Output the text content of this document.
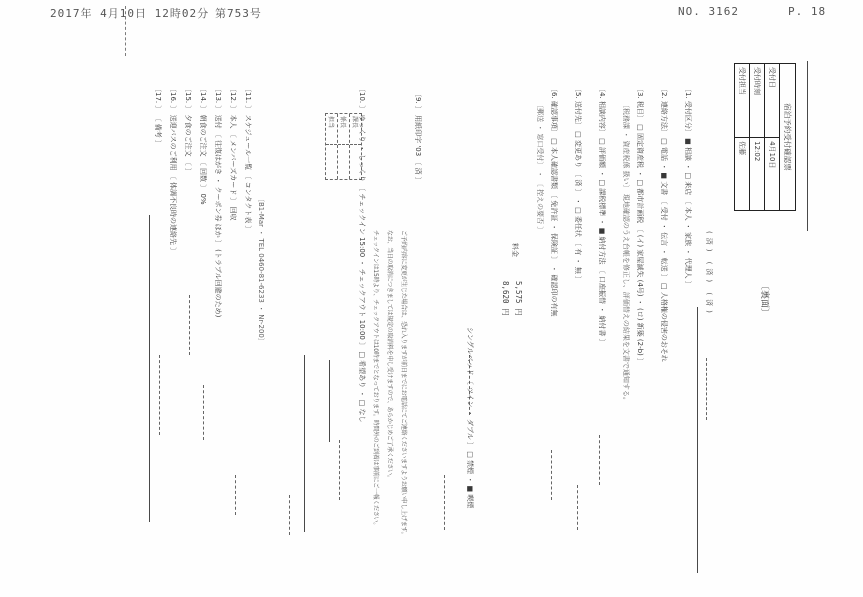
2017年 4月10日 12時02分 第753号	NO. 3162	P. 18
宿泊予約受付確認票	
受付日	4月10日
受付時刻	12:02
受付担当	佐藤
(済) (済) (済)	〔裏面〕
〔1. 受付区分〕 ■ 相談 ・ □ 来店 〔 本人 ・ 家族 ・ 代理人 〕
〔2. 連絡方法〕 □ 電話 ・ ■ 文書 〔 受付 ・ 伝言 ・ 転送 〕 □ 人格権の侵害のおそれ
〔3. 税目〕 □ 固定資産税 ・ □ 都市計画税 〔 (イ) 家屋滅失 (4号) ・ (ロ) 新築 (2-b) 〕
〔税務課 ・ 資産税係 扱い〕 現地確認のうえ台帳を修正し、評価替えの結果を文書で通知する。
〔4. 相談内容〕 □ 評価額 ・ □ 課税標準 ・ ■ 納付方法 〔 口座振替 ・ 納付書 〕
〔5. 送付先〕 □ 変更あり 〔 済 〕 ・ □ 委任状 〔 有 ・ 無 〕
〔6. 確認事項〕 □ 本人確認書類 〔 免許証 ・ 保険証 〕 ・ 確認印の有無
〔郵送 ・ 窓口受付〕 ・ 〔 控えの要否 〕
料金
5,575 円
8,620 円
シングルベッド 〔 ツイン ・ ダブル 〕 □ 禁煙 ・ ■ 喫煙
〔9. 〕 用紙印字 '03 〔 済 〕
ご予約内容に変更が生じた場合は、恐れ入りますが前日までにお電話にてご連絡くださいますようお願い申し上げます。
なお、当日の取消につきましては規定の取消料を申し受けますので、あらかじめご了承ください。
チェックインは15時より、チェックアウトは10時までとなっております。時間外のご到着は事前にご一報ください。
〔10. 〕 ゆっくり ・ しっくり 〔 チェックイン 15:00 ・ チェックアウト 10:00 〕 □ 希望あり ・ □ なし
課長
係長
担当
〔B1-Mar ・ TEL 0460-81-6233 ・ Nr-200〕
〔11. 〕 スケジュール一覧 〔 コンタクト表 〕
〔12. 〕 本人 〔 メンバーズカード 〕 回収
〔13. 〕 送付 〔 往復はがき ・ クーポン券 ほか 〕 (トラブル回避のため)
〔14. 〕 朝食のご注文 〔 回数 〕 0%
〔15. 〕 夕食のご注文 〔 〕
〔16. 〕 送迎バスのご利用 〔 体調不良時の連絡先 〕
〔17. 〕 〔 備考 〕
